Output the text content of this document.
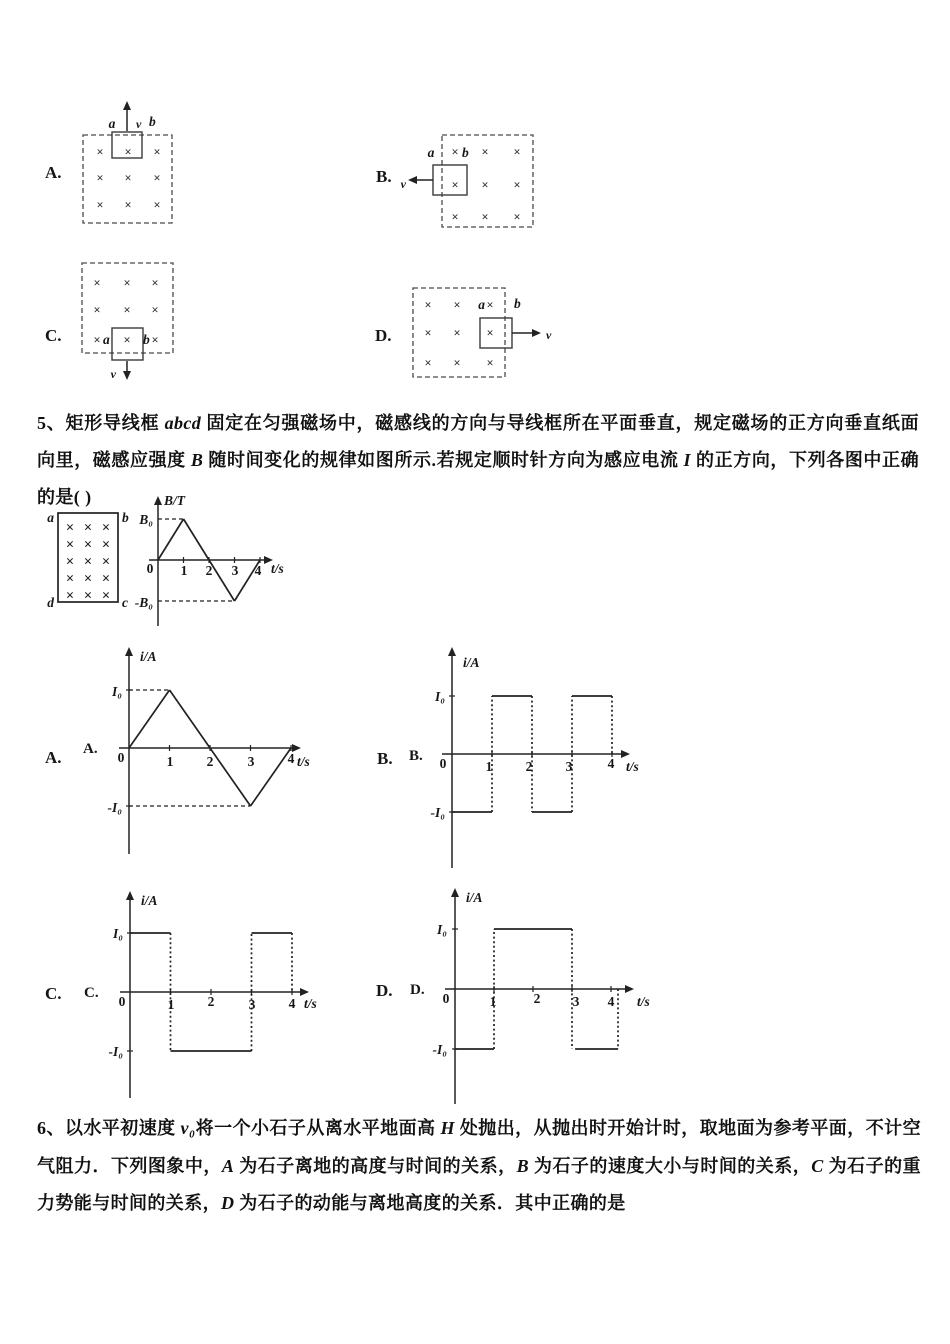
A.
×
×
×
×
×
×
×
×
×
a v b
B.
×
×
×
×
×
×
×
×
×
a b
v
C.
×
×
×
×
×
×
×
×
×
a b
v
D.
×
×
×
×
×
×
×
×
×
a b
v
5、矩形导线框 abcd 固定在匀强磁场中，磁感线的方向与导线框所在平面垂直，规定磁场的正方向垂直纸面向里，磁感应强度 B 随时间变化的规律如图所示.若规定顺时针方向为感应电流 I 的正方向，下列各图中正确的是( )
×
×
×
×
×
×
×
×
×
×
×
×
×
×
×
a	b
d	c
B/T
t/s
0 1 2 3 4
B₀
-B₀
A. A.
i/A
t/s
0	1 2	3 4
I₀
-I₀
B. B.
i/A
t/s
0	1 2 3	4
I₀
-I₀
C. C.
i/A
t/s
0	1 2	3 4
I₀
-I₀
D. D.
i/A
t/s
0	1	2 3 4
I₀
-I₀
6、以水平初速度 v₀将一个小石子从离水平地面高 H 处抛出，从抛出时开始计时，取地面为参考平面，不计空气阻力．下列图象中，A 为石子离地的高度与时间的关系，B 为石子的速度大小与时间的关系，C 为石子的重力势能与时间的关系，D 为石子的动能与离地高度的关系．其中正确的是
